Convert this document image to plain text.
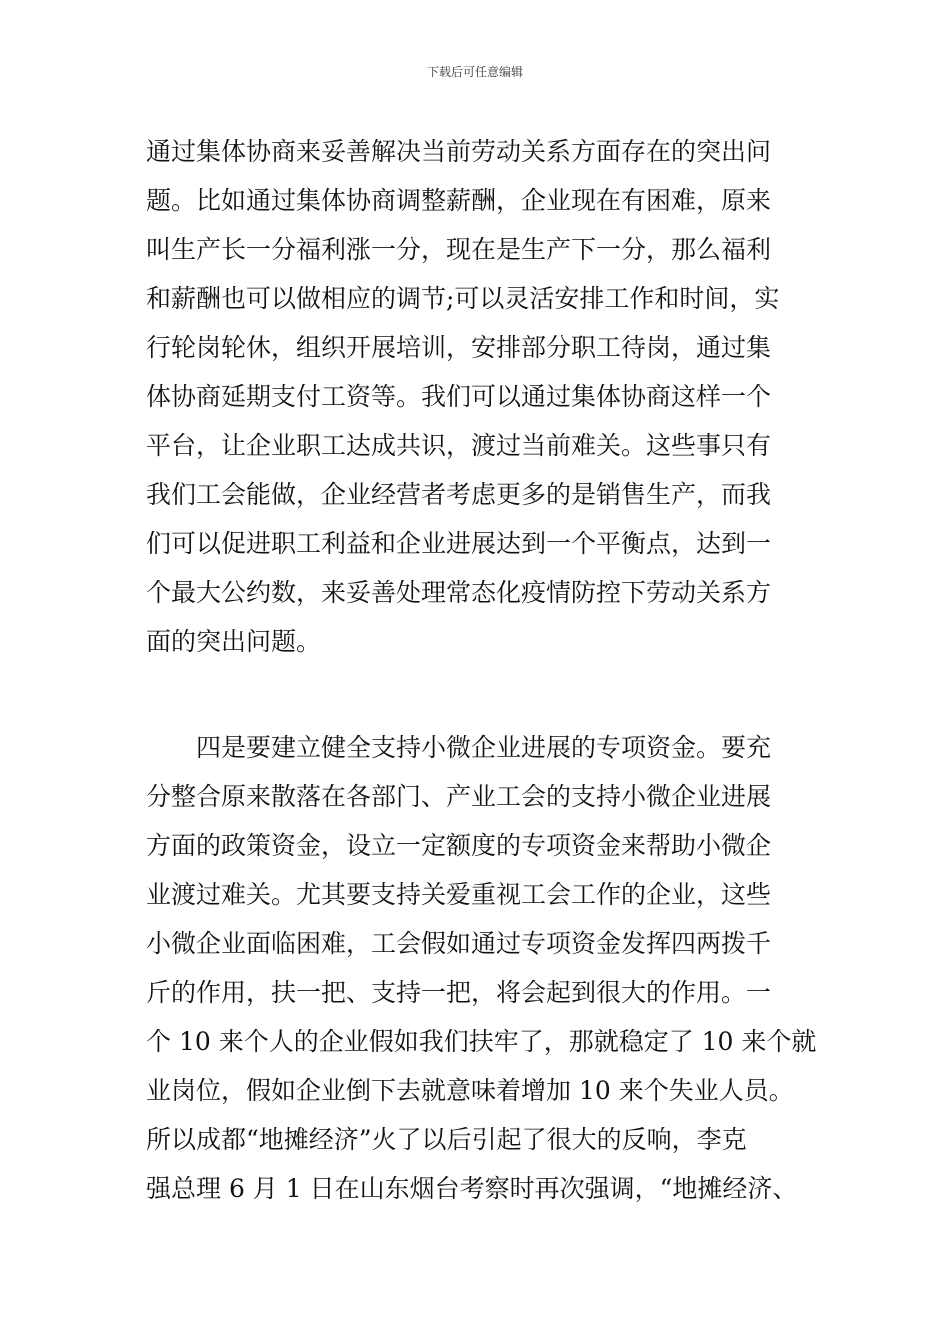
下载后可任意编辑
通过集体协商来妥善解决当前劳动关系方面存在的突出问
题。比如通过集体协商调整薪酬，企业现在有困难，原来
叫生产长一分福利涨一分，现在是生产下一分，那么福利
和薪酬也可以做相应的调节;可以灵活安排工作和时间，实
行轮岗轮休，组织开展培训，安排部分职工待岗，通过集
体协商延期支付工资等。我们可以通过集体协商这样一个
平台，让企业职工达成共识，渡过当前难关。这些事只有
我们工会能做，企业经营者考虑更多的是销售生产，而我
们可以促进职工利益和企业进展达到一个平衡点，达到一
个最大公约数，来妥善处理常态化疫情防控下劳动关系方
面的突出问题。
　　四是要建立健全支持小微企业进展的专项资金。要充
分整合原来散落在各部门、产业工会的支持小微企业进展
方面的政策资金，设立一定额度的专项资金来帮助小微企
业渡过难关。尤其要支持关爱重视工会工作的企业，这些
小微企业面临困难，工会假如通过专项资金发挥四两拨千
斤的作用，扶一把、支持一把，将会起到很大的作用。一
个 10 来个人的企业假如我们扶牢了，那就稳定了 10 来个就
业岗位，假如企业倒下去就意味着增加 10 来个失业人员。
所以成都“地摊经济”火了以后引起了很大的反响，李克
强总理 6 月 1 日在山东烟台考察时再次强调，“地摊经济、
